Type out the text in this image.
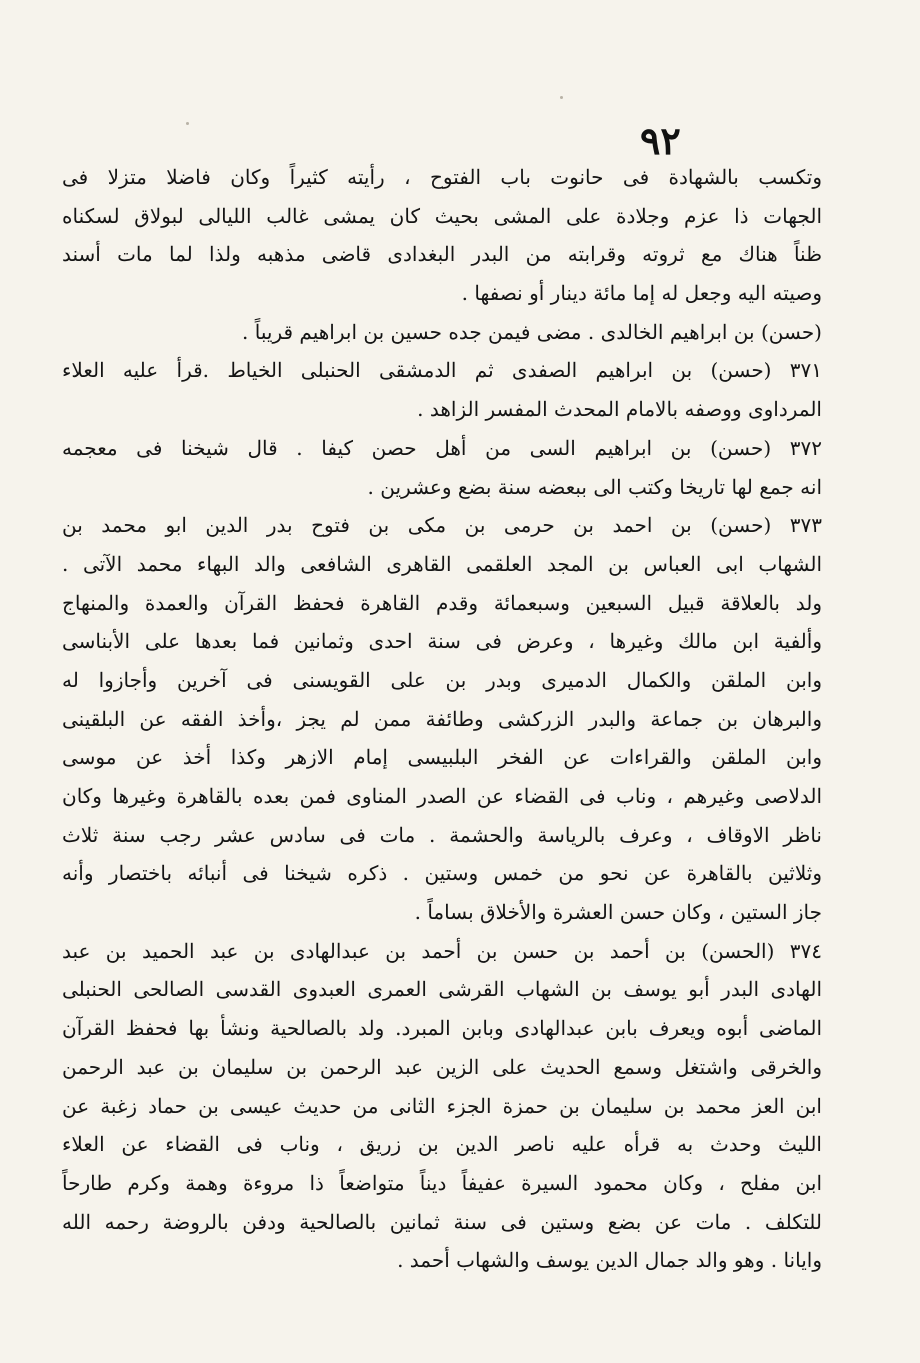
٩٢
وتكسب بالشهادة فى حانوت باب الفتوح ، رأيته كثيراً وكان فاضلا متزلا فى
الجهات ذا عزم وجلادة على المشى بحيث كان يمشى غالب الليالى لبولاق لسكناه
ظناً هناك مع ثروته وقرابته من البدر البغدادى قاضى مذهبه ولذا لما مات أسند
وصيته اليه وجعل له إما مائة دينار أو نصفها .
(حسن) بن ابراهيم الخالدى . مضى فيمن جده حسين بن ابراهيم قريباً .
٣٧١ (حسن) بن ابراهيم الصفدى ثم الدمشقى الحنبلى الخياط .قرأ عليه العلاء
المرداوى ووصفه بالامام المحدث المفسر الزاهد .
٣٧٢ (حسن) بن ابراهيم السى من أهل حصن كيفا . قال شيخنا فى معجمه
انه جمع لها تاريخا وكتب الى ببعضه سنة بضع وعشرين .
٣٧٣ (حسن) بن احمد بن حرمى بن مكى بن فتوح بدر الدين ابو محمد بن
الشهاب ابى العباس بن المجد العلقمى القاهرى الشافعى والد البهاء محمد الآتى .
ولد بالعلاقة قبيل السبعين وسبعمائة وقدم القاهرة فحفظ القرآن والعمدة والمنهاج
وألفية ابن مالك وغيرها ، وعرض فى سنة احدى وثمانين فما بعدها على الأبناسى
وابن الملقن والكمال الدميرى وبدر بن على القويسنى فى آخرين وأجازوا له
والبرهان بن جماعة والبدر الزركشى وطائفة ممن لم يجز ،وأخذ الفقه عن البلقينى
وابن الملقن والقراءات عن الفخر البلبيسى إمام الازهر وكذا أخذ عن موسى
الدلاصى وغيرهم ، وناب فى القضاء عن الصدر المناوى فمن بعده بالقاهرة وغيرها وكان
ناظر الاوقاف ، وعرف بالرياسة والحشمة . مات فى سادس عشر رجب سنة ثلاث
وثلاثين بالقاهرة عن نحو من خمس وستين . ذكره شيخنا فى أنبائه باختصار وأنه
جاز الستين ، وكان حسن العشرة والأخلاق بساماً .
٣٧٤ (الحسن) بن أحمد بن حسن بن أحمد بن عبدالهادى بن عبد الحميد بن عبد
الهادى البدر أبو يوسف بن الشهاب القرشى العمرى العبدوى القدسى الصالحى الحنبلى
الماضى أبوه ويعرف بابن عبدالهادى وبابن المبرد. ولد بالصالحية ونشأ بها فحفظ القرآن
والخرقى واشتغل وسمع الحديث على الزين عبد الرحمن بن سليمان بن عبد الرحمن
ابن العز محمد بن سليمان بن حمزة الجزء الثانى من حديث عيسى بن حماد زغبة عن
الليث وحدث به قرأه عليه ناصر الدين بن زريق ، وناب فى القضاء عن العلاء
ابن مفلح ، وكان محمود السيرة عفيفاً ديناً متواضعاً ذا مروءة وهمة وكرم طارحاً
للتكلف . مات عن بضع وستين فى سنة ثمانين بالصالحية ودفن بالروضة رحمه الله
وايانا . وهو والد جمال الدين يوسف والشهاب أحمد .
